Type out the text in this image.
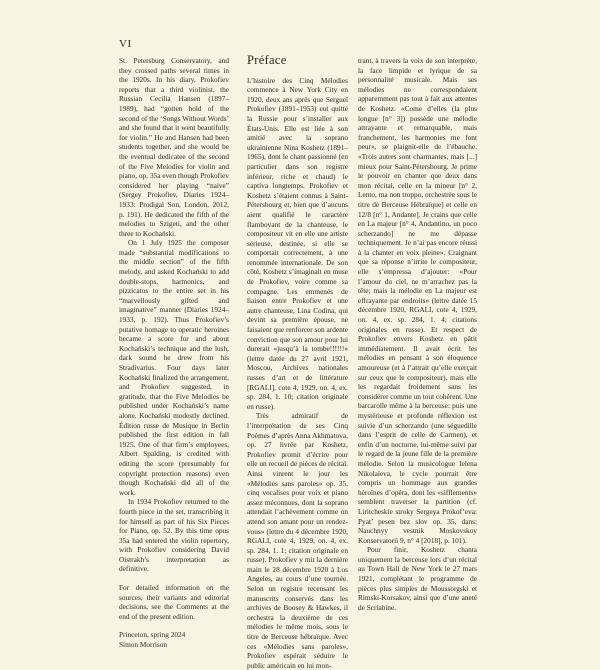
VI

St. Petersburg Conservatory, and they crossed paths several times in the 1920s. In his diary, Prokofiev reports that a third violinist, the Russian Cecilia Hansen (1897–1989), had “gotten hold of the second of the ‘Songs Without Words’ and she found that it went beautifully for violin.” He and Hansen had been students together, and she would be the eventual dedicatee of the second of the Five Melodies for violin and piano, op. 35a even though Prokofiev considered her playing “naive” (Sergey Prokofiev, Diaries 1924–1933: Prodigal Son, London, 2012, p. 191). He dedicated the fifth of the melodies to Szigeti, and the other three to Kochański.

On 1 July 1925 the composer made “substantial modifications to the middle section” of the fifth melody, and asked Kochański to add double-stops, harmonics, and pizzicatos to the entire set in his “marvellously gifted and imaginative” manner (Diaries 1924–1933, p. 192). Thus Prokofiev’s putative homage to operatic heroines became a score for and about Kochański’s technique and the lush, dark sound he drew from his Stradivarius. Four days later Kochański finalized the arrangement, and Prokofiev suggested, in gratitude, that the Five Melodies be published under Kochański’s name alone. Kochański modestly declined. Édition russe de Musique in Berlin published the first edition in fall 1925. One of that firm’s employees, Albert Spalding, is credited with editing the score (presumably for copyright protection reasons) even though Kochański did all of the work.

In 1934 Prokofiev returned to the fourth piece in the set, transcribing it for himself as part of his Six Pieces for Piano, op. 52. By this time opus 35a had entered the violin repertory, with Prokofiev considering David Oistrakh’s interpretation as definitive.

For detailed information on the sources, their variants and editorial decisions, see the Comments at the end of the present edition.

Princeton, spring 2024

Simon Morrison

Préface

L’histoire des Cinq Mélodies commence à New York City en 1920, deux ans après que Sergueï Prokofiev (1891–1953) eut quitté la Russie pour s’installer aux États-Unis. Elle est liée à son amitié avec la soprano ukrainienne Nina Koshetz (1891–1965), dont le chant passionné (en particulier dans son registre inférieur, riche et chaud) le captiva longtemps. Prokofiev et Koshetz s’étaient connus à Saint-Pétersbourg et, bien que d’aucuns aient qualifié le caractère flamboyant de la chanteuse, le compositeur vit en elle une artiste sérieuse, destinée, si elle se comportait correctement, à une renommée internationale. De son côté, Koshetz s’imaginait en muse de Prokofiev, voire comme sa compagne. Les emmenés de liaison entre Prokofiev et une autre chanteuse, Lina Codina, qui devint sa première épouse, ne faisaient que renforcer son ardente conviction que son amour pour lui durerait «jusqu’à la tombe!!!!!!» (lettre datée du 27 avril 1921, Moscou, Archives nationales russes d’art et de littérature [RGALI], cote 4, 1929, on. 4, ex. sp. 284, 1. 10; citation originale en russe).

Très admiratif de l’interprétation de ses Cinq Poèmes d’après Anna Akhmatova, op. 27 livrée par Koshetz, Prokofiev promit d’écrire pour elle un recueil de pièces de récital. Ainsi vinrent le jour les «Mélodies sans paroles» op. 35, cinq vocalises pour voix et piano assez méconnues, dont la soprano attendait l’achèvement comme on attend son amant pour un rendez-vous» (lettre du 4 décembre 1920, RGALI, cote 4, 1929, on. 4, ex. sp. 284, 1. 1; citation originale en russe). Prokofiev y mit la dernière main le 28 décembre 1920 à Los Angeles, au cours d’une tournée. Selon un registre recensant les manuscrits conservés dans les archives de Boosey & Hawkes, il orchestra la deuxième de ces mélodies le même mois, sous le titre de Berceuse hébraïque. Avec ces «Mélodies sans paroles», Prokofiev espérait séduire le public américain en lui mon-

trant, à travers la voix de son interprète, la face limpide et lyrique de sa personnalité musicale. Mais ses mélodies ne correspondaient apparemment pas tout à fait aux attentes de Koshetz. «Come d’elles (la plus longue [n° 3]) possède une mélodie attrayante et remarquable, mais franchement, les harmonies me font peur», se plaignit-elle de l’ébauche. «Trois autres sont charmantes, mais [...] mieux pour Saint-Pétersbourg. Je prime le pouvoir en chanter que deux dans mon récital, celle en la mineur [n° 2, Lento, ma non troppo, orchestrée sous le titre de Berceuse Hébraïque] et celle en 12/8 [n° 1, Andante]. Je crains que celle en La majeur [n° 4, Andantino, un poco scherzando] ne me dépasse techniquement. Je n’ai pas encore réussi à la chanter en voix pleine». Craignant que sa réponse n’irrite le compositeur, elle s’empressa d’ajouter: «Pour l’amour du ciel, ne m’arrachez pas la tête; mais la mélodie en La majeur est effrayante par endroits» (lettre datée 15 décembre 1920, RGALI, cote 4, 1929, on. 4, ex. sp. 284, 1. 4; citations originales en russe). Et respect de Prokofiev envers Koshetz en pâtit immédiatement. Il avait écrit les mélodies en pensant à son éloquence amoureuse (et à l’attrait qu’elle exerçait sur ceux que le compositeur), mais elle les regardait froidement sans les considérer comme un tout cohérent. Une barcarolle même à la berceuse: puis une mystérieuse et profonde réflexion est suivie d’un scherzando (une séguedille dans l’esprit de celle de Carmen), et enfin d’un nocturne, lui-même suivi par le regard de la jeune fille de la première mélodie. Selon la musicologue Ielena Nikolaïeva, le cycle pourrait être compris un hommage aux grandes héroïnes d’opéra, dont les «sifflements» semblent traverser la partition (cf. Liritcheskie stroky Sergeya Prokof’eva: Pyat’ pesen bez slov op. 35, dans: Nauchnyy vestnik Moskovskoy Konservatorii 9, n° 4 [2018], p. 101).

Pour finir, Koshetz chanta uniquement la berceuse lors d’un récital au Town Hall de New York le 27 mars 1921, complétant le programme de pièces plus simples de Moussorgski et Rimski-Korsakov, ainsi que d’une aneté de Scriabine.
